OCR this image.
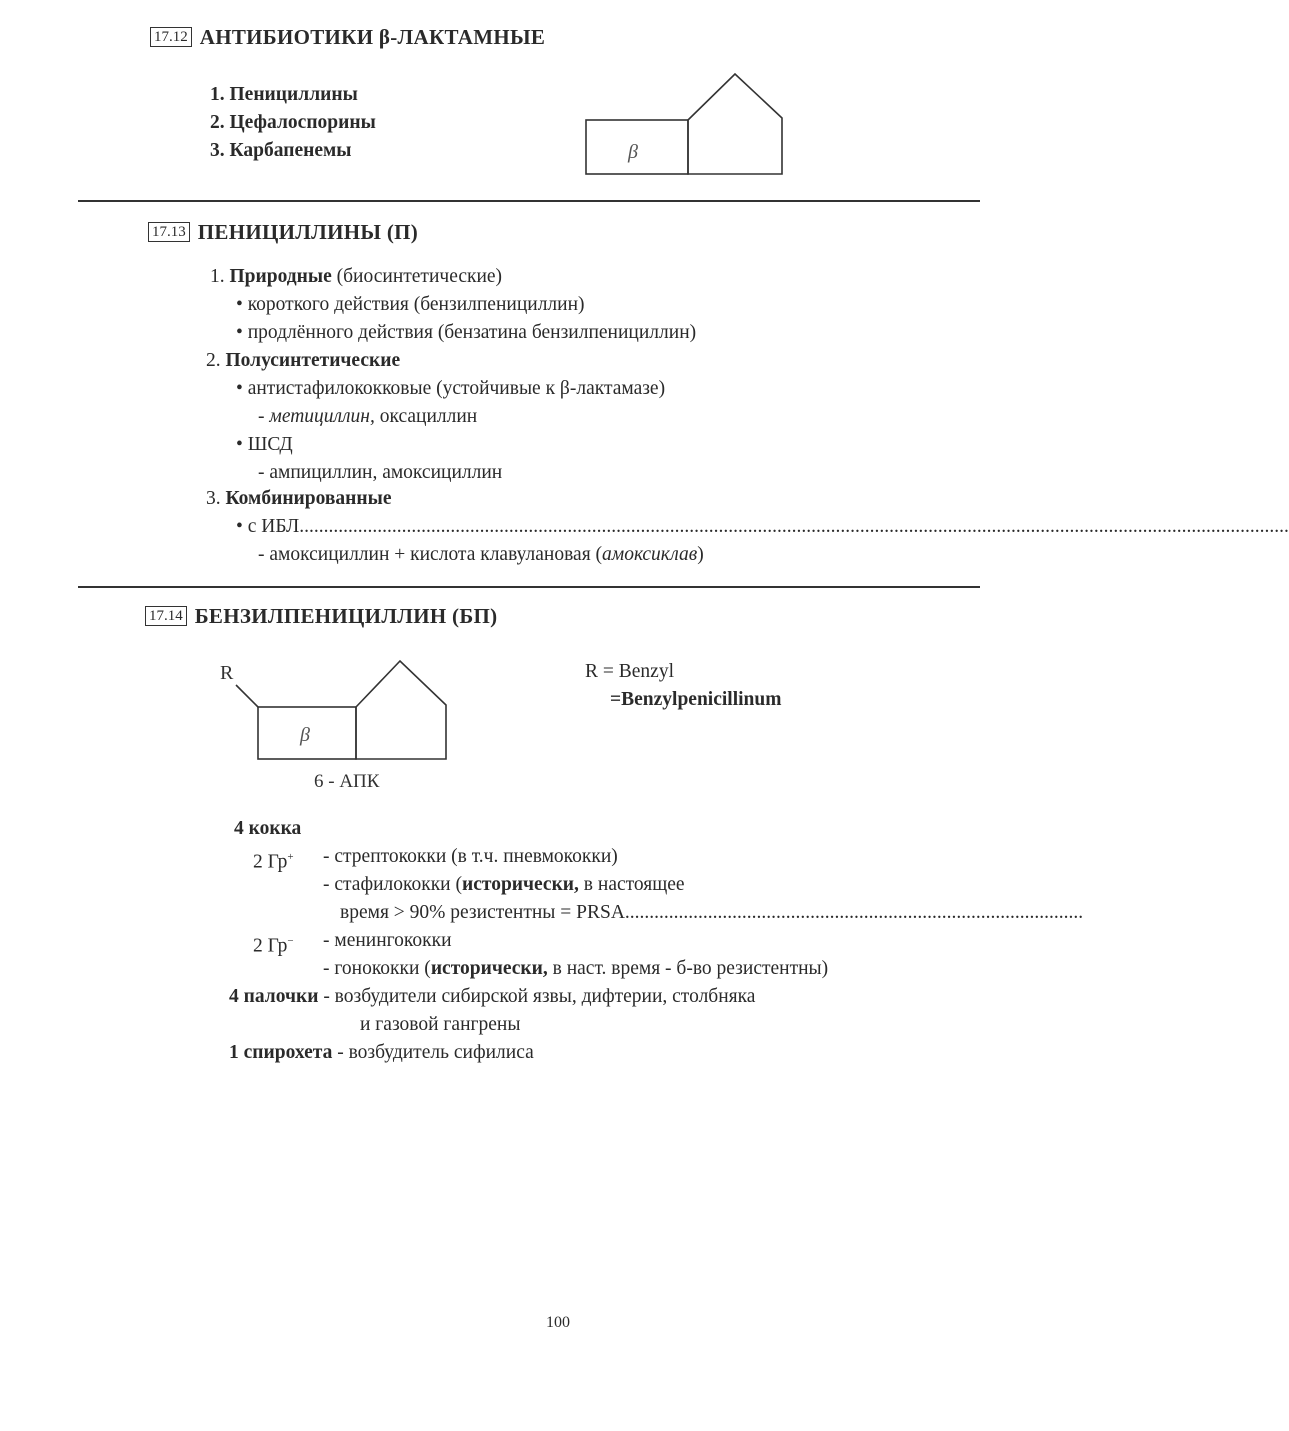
17.12 АНТИБИОТИКИ β-ЛАКТАМНЫЕ
1. Пенициллины
2. Цефалоспорины
3. Карбапенемы	β
17.13 ПЕНИЦИЛЛИНЫ (П)
1. Природные (биосинтетические)
• короткого действия (бензилпенициллин)
• продлённого действия (бензатина бензилпенициллин)
2. Полусинтетические
• антистафилококковые (устойчивые к β-лактамазе)
- метициллин, оксациллин
• ШСД
- ампициллин, амоксициллин
3. Комбинированные
• с ИБЛ...........................................................................................................................................................................................................
- амоксициллин + кислота клавулановая (амоксиклав)
17.14 БЕНЗИЛПЕНИЦИЛЛИН (БП)
R
β
6 - АПК
R = Benzyl
=Benzylpenicillinum
4 кокка
2 Гр+ - стрептококки (в т.ч. пневмококки)
- стафилококки (исторически, в настоящее
время > 90% резистентны = PRSA..............................................................................................
2 Гр− - менингококки
- гонококки (исторически, в наст. время - б-во резистентны)
4 палочки - возбудители сибирской язвы, дифтерии, столбняка
и газовой гангрены
1 спирохета - возбудитель сифилиса
100
